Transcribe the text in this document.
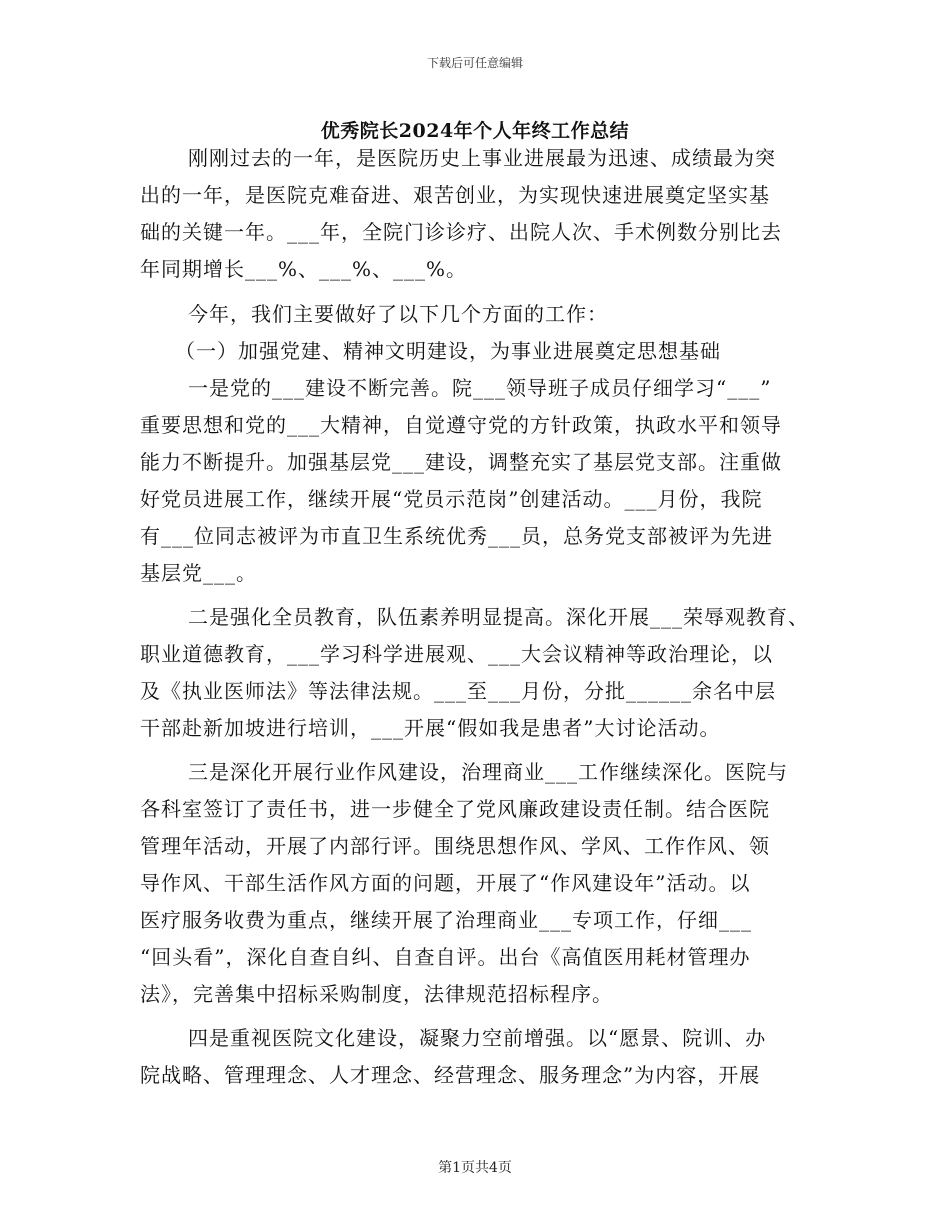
下载后可任意编辑
优秀院长2024年个人年终工作总结
刚刚过去的一年，是医院历史上事业进展最为迅速、成绩最为突
出的一年，是医院克难奋进、艰苦创业，为实现快速进展奠定坚实基
础的关键一年。___年，全院门诊诊疗、出院人次、手术例数分别比去
年同期增长___%、___%、___%。
今年，我们主要做好了以下几个方面的工作：
（一）加强党建、精神文明建设，为事业进展奠定思想基础
一是党的___建设不断完善。院___领导班子成员仔细学习“___”
重要思想和党的___大精神，自觉遵守党的方针政策，执政水平和领导
能力不断提升。加强基层党___建设，调整充实了基层党支部。注重做
好党员进展工作，继续开展“党员示范岗”创建活动。___月份，我院
有___位同志被评为市直卫生系统优秀___员，总务党支部被评为先进
基层党___。
二是强化全员教育，队伍素养明显提高。深化开展___荣辱观教育、
职业道德教育，___学习科学进展观、___大会议精神等政治理论，以
及《执业医师法》等法律法规。___至___月份，分批______余名中层
干部赴新加坡进行培训，___开展“假如我是患者”大讨论活动。
三是深化开展行业作风建设，治理商业___工作继续深化。医院与
各科室签订了责任书，进一步健全了党风廉政建设责任制。结合医院
管理年活动，开展了内部行评。围绕思想作风、学风、工作作风、领
导作风、干部生活作风方面的问题，开展了“作风建设年”活动。以
医疗服务收费为重点，继续开展了治理商业___专项工作，仔细___
“回头看”，深化自查自纠、自查自评。出台《高值医用耗材管理办
法》，完善集中招标采购制度，法律规范招标程序。
四是重视医院文化建设，凝聚力空前增强。以“愿景、院训、办
院战略、管理理念、人才理念、经营理念、服务理念”为内容，开展
第1页共4页
